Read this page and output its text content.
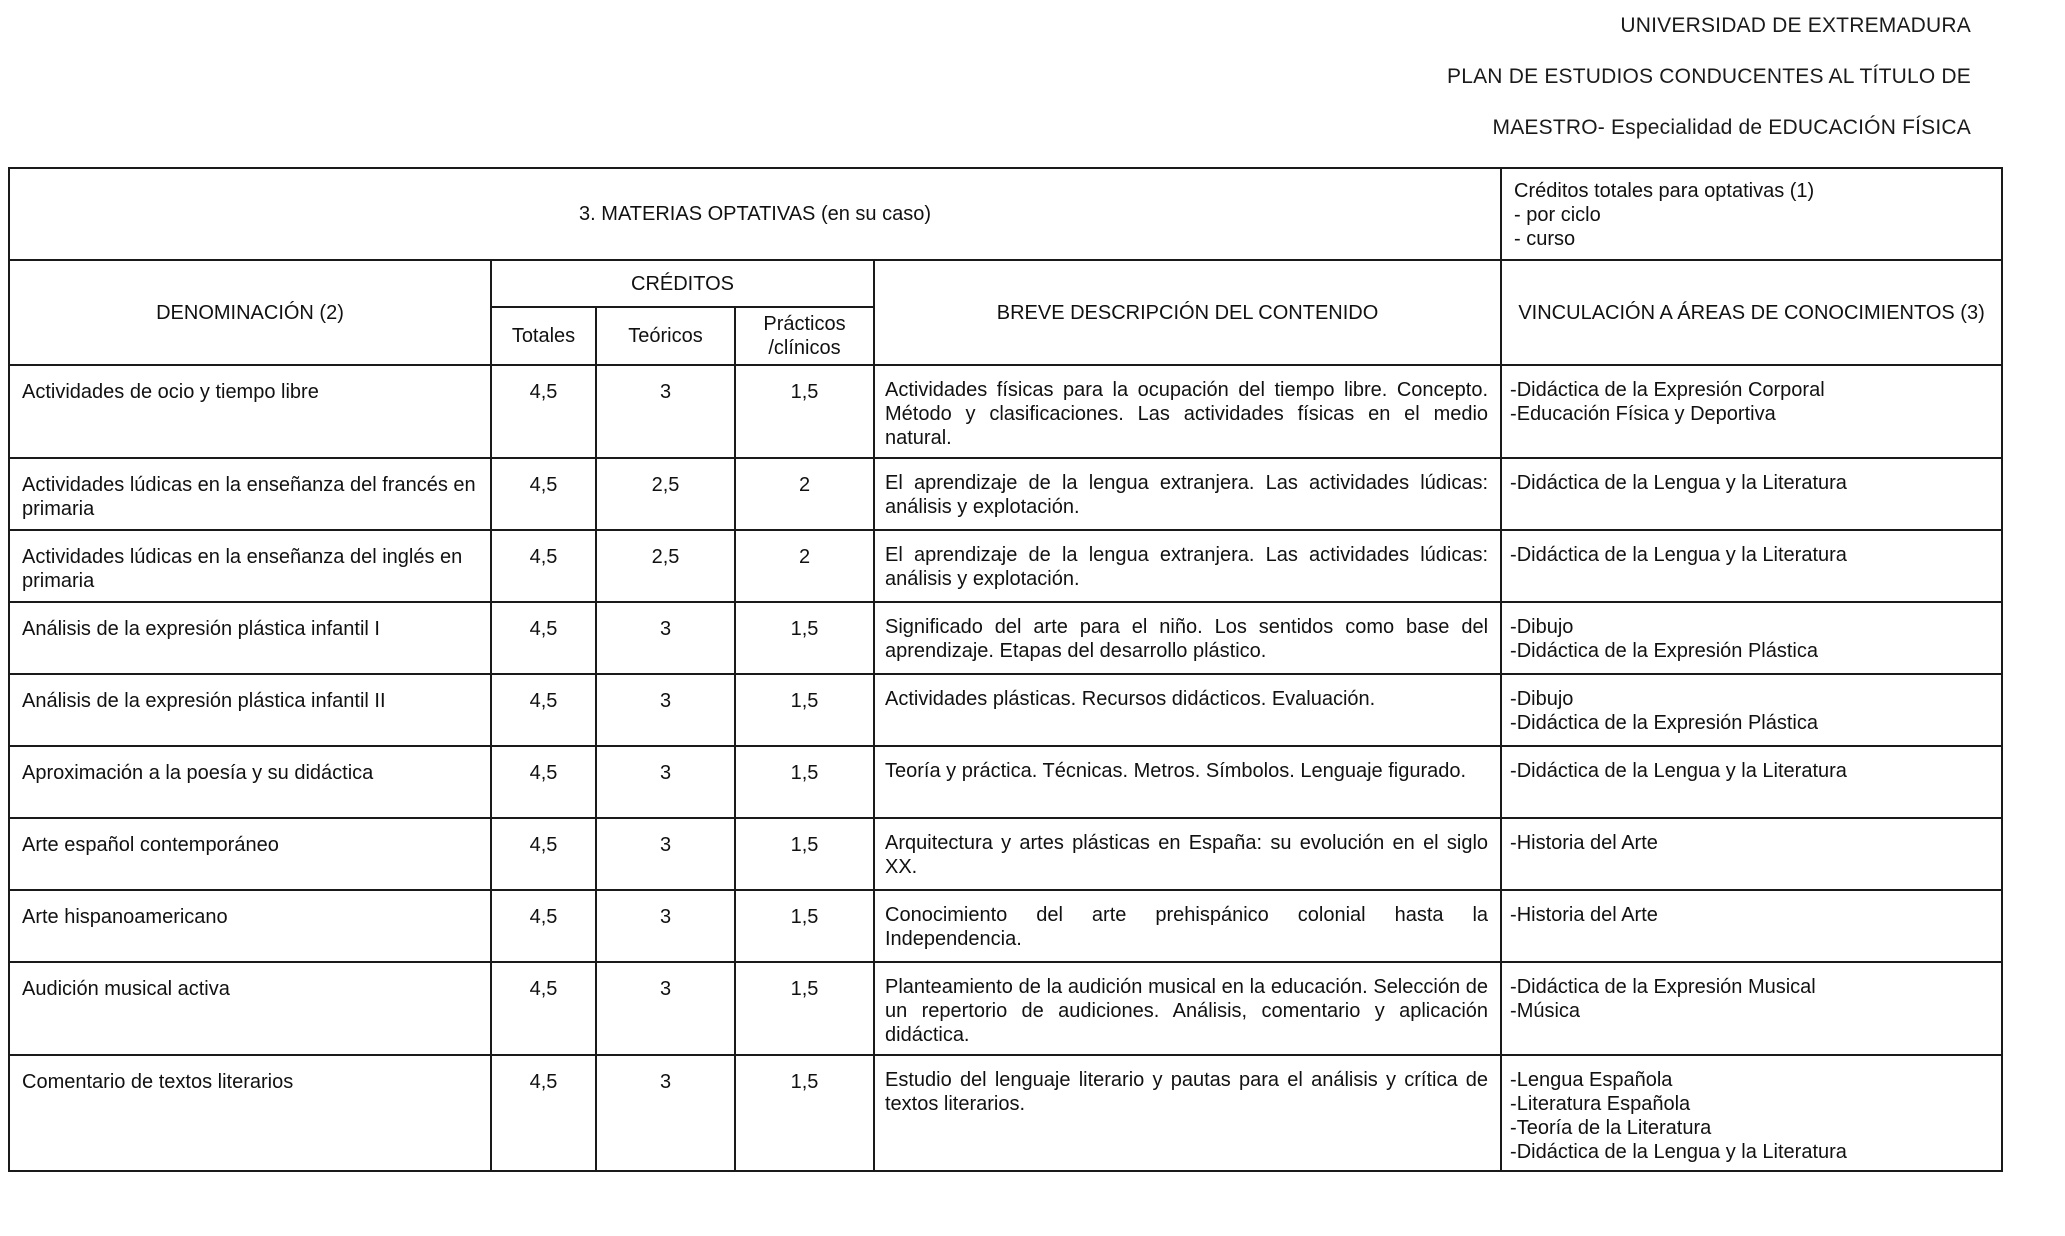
UNIVERSIDAD DE EXTREMADURA
PLAN DE ESTUDIOS CONDUCENTES AL TÍTULO DE
MAESTRO- Especialidad de EDUCACIÓN FÍSICA
3. MATERIAS OPTATIVAS (en su caso)					Créditos totales para optativas (1)
- por ciclo
- curso

DENOMINACIÓN (2)	CRÉDITOS			BREVE DESCRIPCIÓN DEL CONTENIDO	VINCULACIÓN A ÁREAS DE CONOCIMIENTOS (3)
	Totales	Teóricos	Prácticos /clínicos		
Actividades de ocio y tiempo libre	4,5	3	1,5	Actividades físicas para la ocupación del tiempo libre. Concepto. Método y clasificaciones. Las actividades físicas en el medio natural.	-Didáctica de la Expresión Corporal
-Educación Física y Deportiva

Actividades lúdicas en la enseñanza del francés en primaria	4,5	2,5	2	El aprendizaje de la lengua extranjera. Las actividades lúdicas: análisis y explotación.	-Didáctica de la Lengua y la Literatura

Actividades lúdicas en la enseñanza del inglés en primaria	4,5	2,5	2	El aprendizaje de la lengua extranjera. Las actividades lúdicas: análisis y explotación.	-Didáctica de la Lengua y la Literatura

Análisis de la expresión plástica infantil I	4,5	3	1,5	Significado del arte para el niño. Los sentidos como base del aprendizaje. Etapas del desarrollo plástico.	-Dibujo
-Didáctica de la Expresión Plástica

Análisis de la expresión plástica infantil II	4,5	3	1,5	Actividades plásticas. Recursos didácticos. Evaluación.	-Dibujo
-Didáctica de la Expresión Plástica

Aproximación a la poesía y su didáctica	4,5	3	1,5	Teoría y práctica. Técnicas. Metros. Símbolos. Lenguaje figurado.	-Didáctica de la Lengua y la Literatura

Arte español contemporáneo	4,5	3	1,5	Arquitectura y artes plásticas en España: su evolución en el siglo XX.	-Historia del Arte

Arte hispanoamericano	4,5	3	1,5	Conocimiento del arte prehispánico colonial hasta la Independencia.	-Historia del Arte

Audición musical activa	4,5	3	1,5	Planteamiento de la audición musical en la educación. Selección de un repertorio de audiciones. Análisis, comentario y aplicación didáctica.	-Didáctica de la Expresión Musical
-Música

Comentario de textos literarios	4,5	3	1,5	Estudio del lenguaje literario y pautas para el análisis y crítica de textos literarios.	-Lengua Española
-Literatura Española
-Teoría de la Literatura
-Didáctica de la Lengua y la Literatura
